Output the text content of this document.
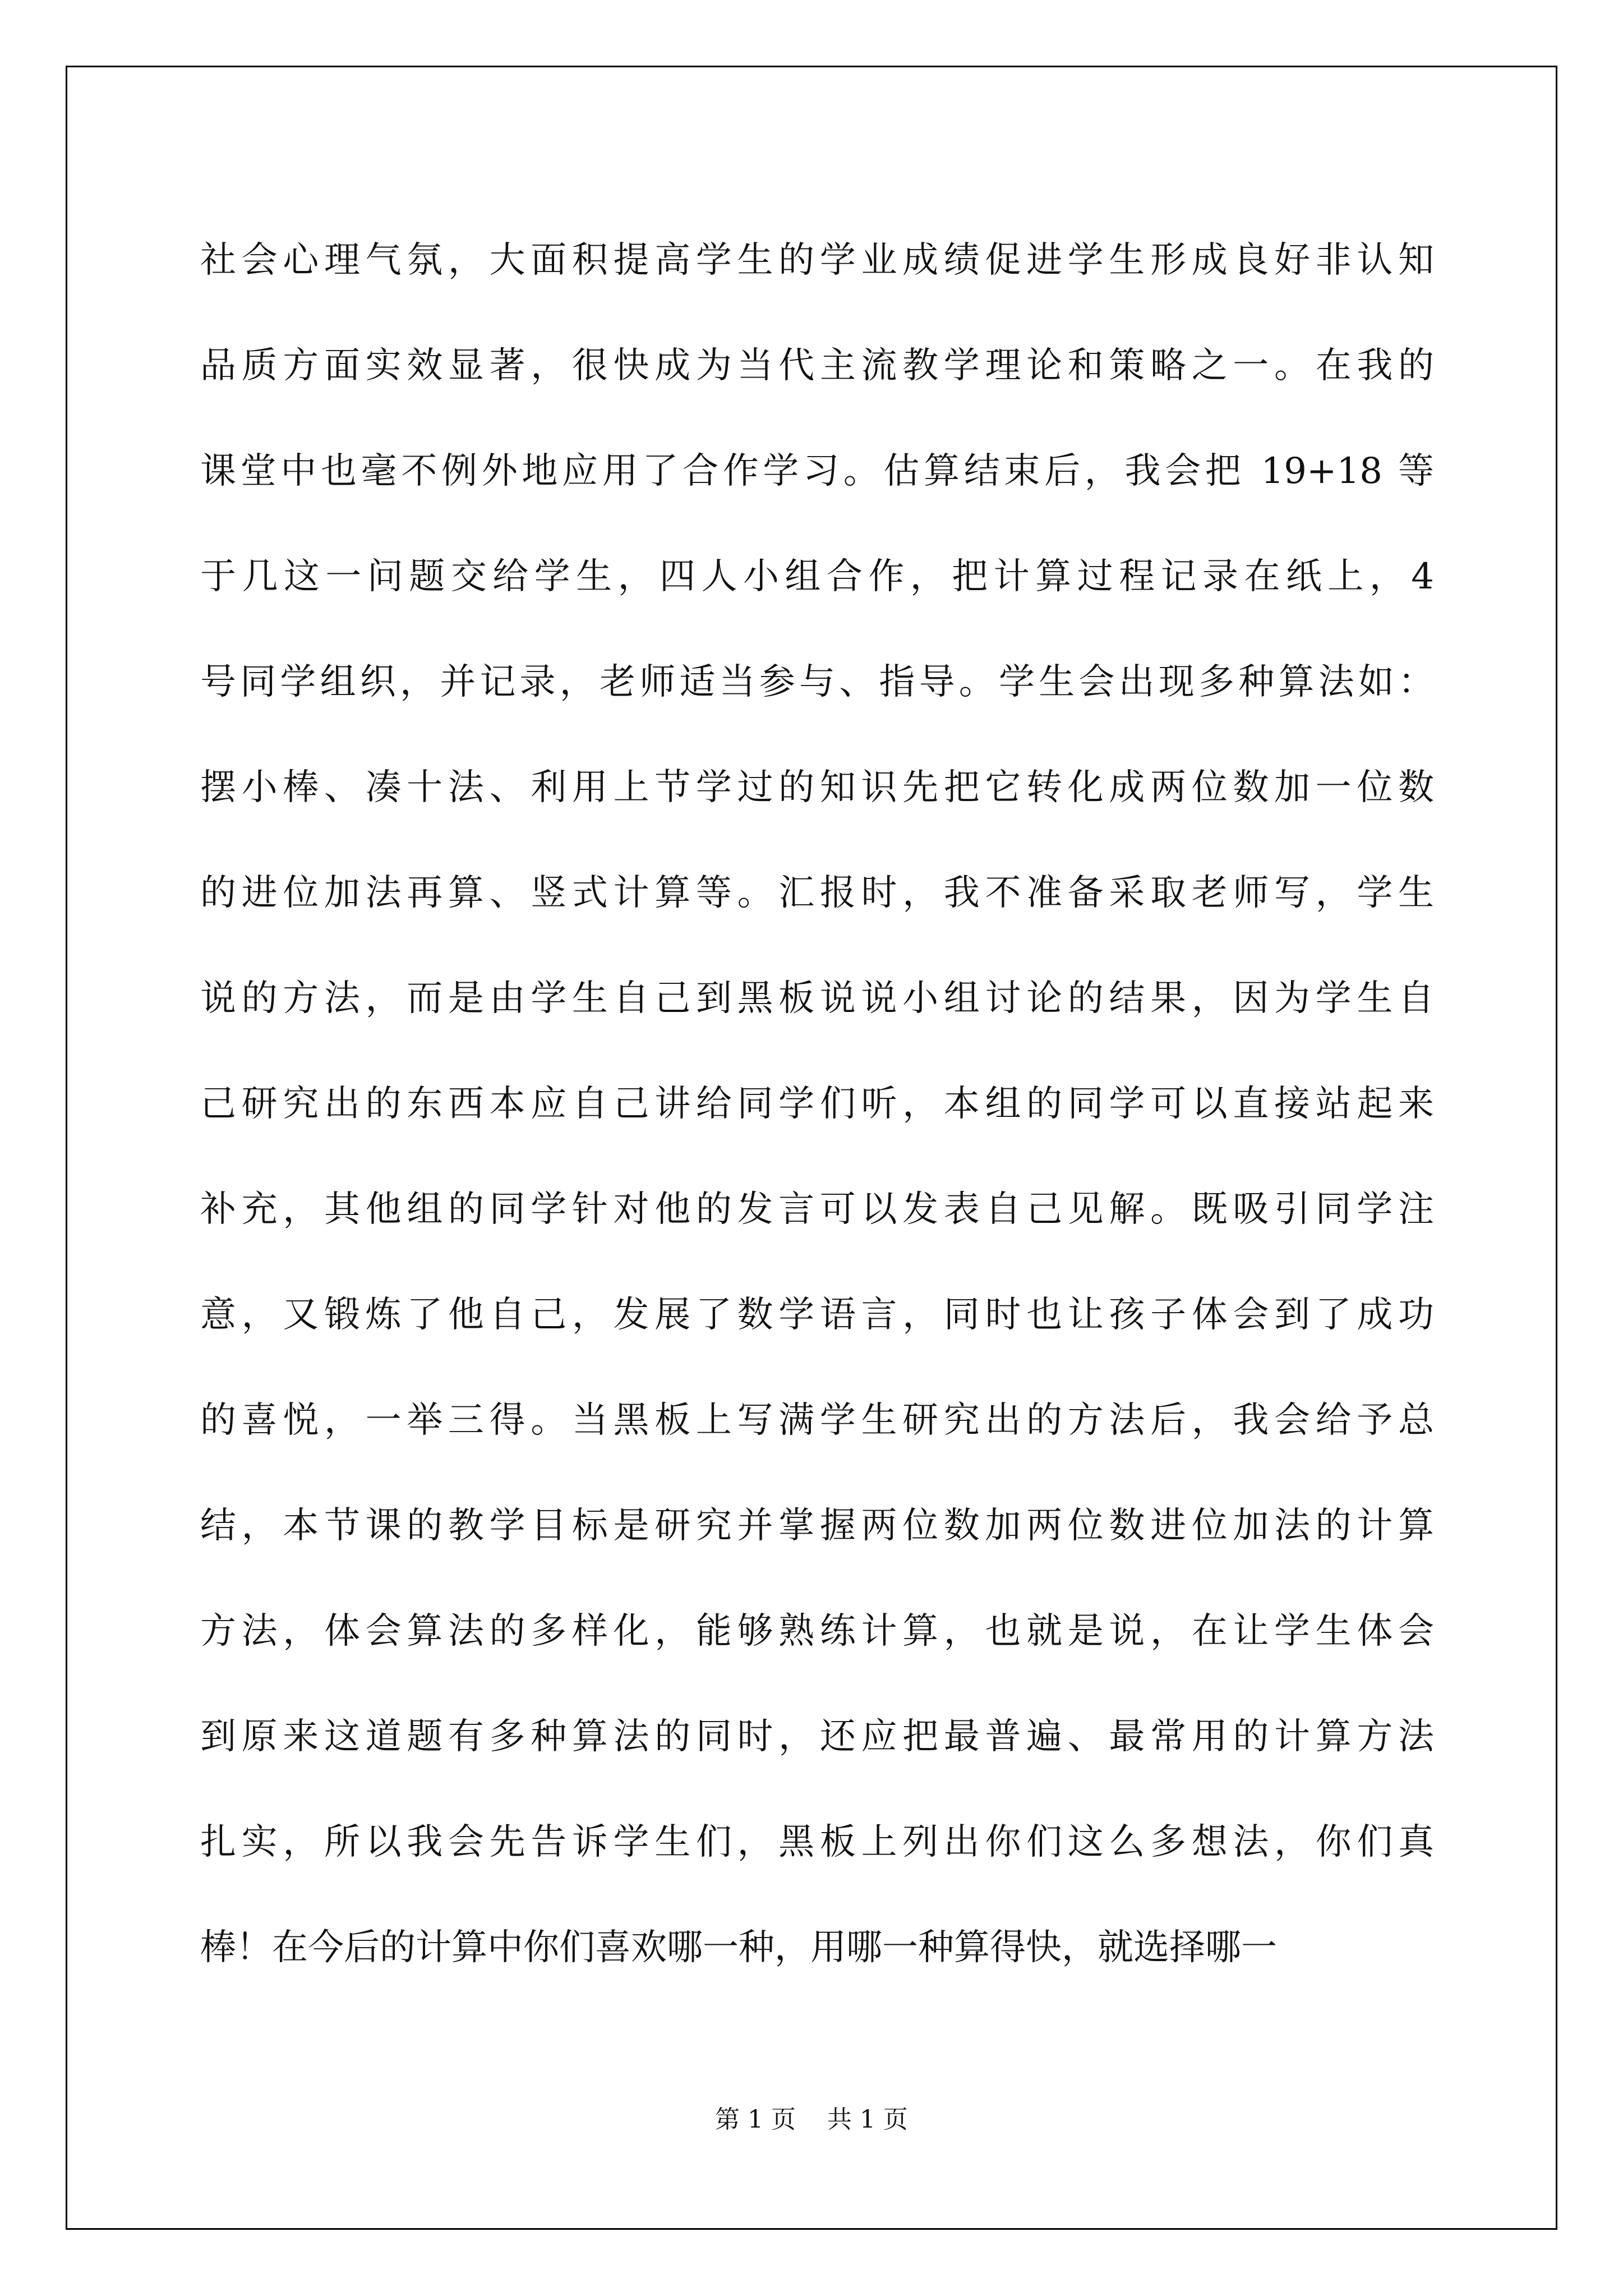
社会心理气氛，大面积提高学生的学业成绩促进学生形成良好非认知
品质方面实效显著，很快成为当代主流教学理论和策略之一。在我的
课堂中也毫不例外地应用了合作学习。估算结束后，我会把 19+18 等
于几这一问题交给学生，四人小组合作，把计算过程记录在纸上，4
号同学组织，并记录，老师适当参与、指导。学生会出现多种算法如：
摆小棒、凑十法、利用上节学过的知识先把它转化成两位数加一位数
的进位加法再算、竖式计算等。汇报时，我不准备采取老师写，学生
说的方法，而是由学生自己到黑板说说小组讨论的结果，因为学生自
己研究出的东西本应自己讲给同学们听，本组的同学可以直接站起来
补充，其他组的同学针对他的发言可以发表自己见解。既吸引同学注
意，又锻炼了他自己，发展了数学语言，同时也让孩子体会到了成功
的喜悦，一举三得。当黑板上写满学生研究出的方法后，我会给予总
结，本节课的教学目标是研究并掌握两位数加两位数进位加法的计算
方法，体会算法的多样化，能够熟练计算，也就是说，在让学生体会
到原来这道题有多种算法的同时，还应把最普遍、最常用的计算方法
扎实，所以我会先告诉学生们，黑板上列出你们这么多想法，你们真
棒！在今后的计算中你们喜欢哪一种，用哪一种算得快，就选择哪一
第 1 页 共 1 页
